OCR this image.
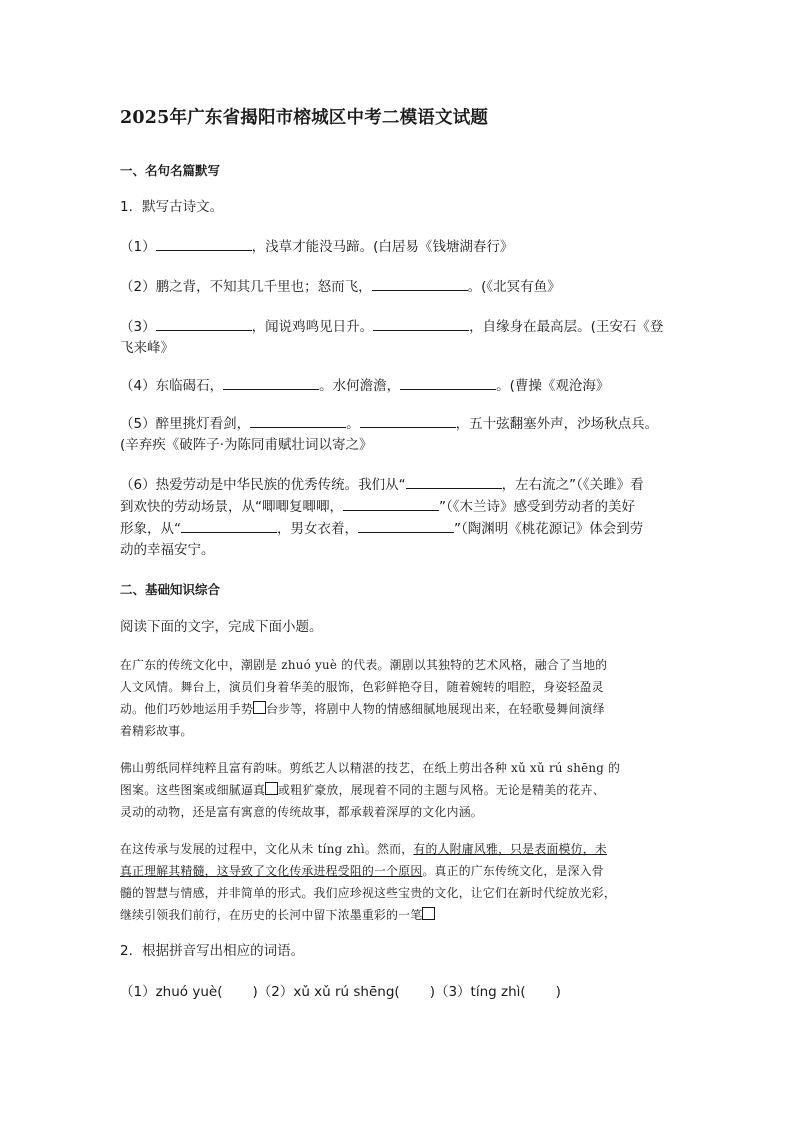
2025年广东省揭阳市榕城区中考二模语文试题

一、名句名篇默写

1．默写古诗文。

（1）	，浅草才能没马蹄。(白居易《钱塘湖春行》

（2）鹏之背，不知其几千里也；怒而飞，	。(《北冥有鱼》

（3）	，闻说鸡鸣见日升。	，自缘身在最高层。(王安石《登
飞来峰》

（4）东临碣石，	。水何澹澹，	。(曹操《观沧海》

（5）醉里挑灯看剑，	。	，五十弦翻塞外声，沙场秋点兵。
(辛弃疾《破阵子·为陈同甫赋壮词以寄之》

（6）热爱劳动是中华民族的优秀传统。我们从“	，左右流之”（《关雎》看
到欢快的劳动场景，从“唧唧复唧唧，	”（《木兰诗》感受到劳动者的美好
形象，从“	，男女衣着，	”（陶渊明《桃花源记》体会到劳
动的幸福安宁。

二、基础知识综合

阅读下面的文字，完成下面小题。

在广东的传统文化中，潮剧是 zhuó yuè 的代表。潮剧以其独特的艺术风格，融合了当地的
人文风情。舞台上，演员们身着华美的服饰，色彩鲜艳夺目，随着婉转的唱腔，身姿轻盈灵
动。他们巧妙地运用手势 台步等，将剧中人物的情感细腻地展现出来，在轻歌曼舞间演绎
着精彩故事。

佛山剪纸同样纯粹且富有韵味。剪纸艺人以精湛的技艺，在纸上剪出各种 xǔ xǔ rú shēng 的
图案。这些图案或细腻逼真 或粗犷豪放，展现着不同的主题与风格。无论是精美的花卉、
灵动的动物，还是富有寓意的传统故事，都承载着深厚的文化内涵。

在这传承与发展的过程中，文化从未 tíng zhì。然而，有的人附庸风雅，只是表面模仿，未
真正理解其精髓，这导致了文化传承进程受阻的一个原因。真正的广东传统文化，是深入骨
髓的智慧与情感，并非简单的形式。我们应珍视这些宝贵的文化，让它们在新时代绽放光彩，
继续引领我们前行，在历史的长河中留下浓墨重彩的一笔

2．根据拼音写出相应的词语。

（1）zhuó yuè( )（2）xǔ xǔ rú shēng( )（3）tíng zhì( )
